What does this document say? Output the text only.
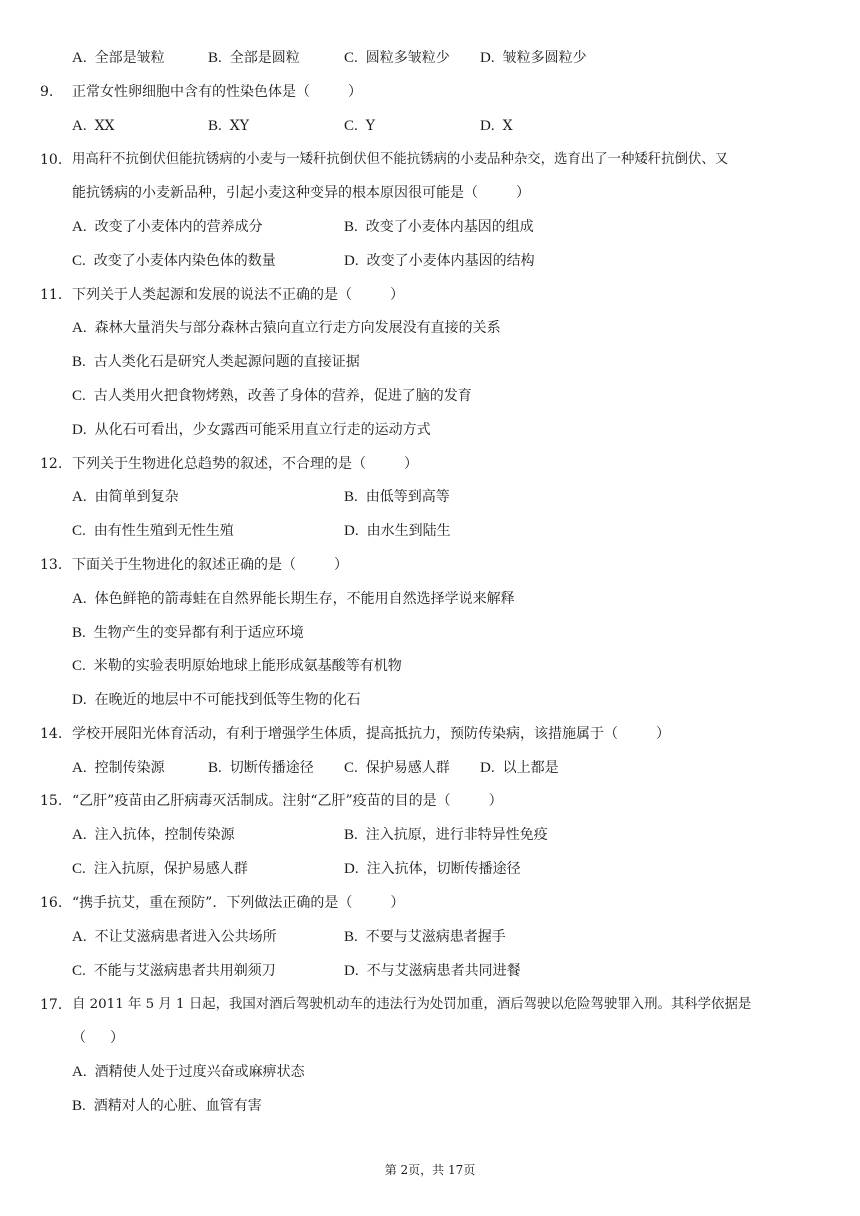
A. 全部是皱粒	B. 全部是圆粒	C. 圆粒多皱粒少 D. 皱粒多圆粒少
9.	正常女性卵细胞中含有的性染色体是（	）
A. XX	B. XY	C. Y	D. X
10. 用高秆不抗倒伏但能抗锈病的小麦与一矮秆抗倒伏但不能抗锈病的小麦品种杂交，选育出了一种矮秆抗倒伏、又
能抗锈病的小麦新品种，引起小麦这种变异的根本原因很可能是（	）
A. 改变了小麦体内的营养成分	B. 改变了小麦体内基因的组成
C. 改变了小麦体内染色体的数量	D. 改变了小麦体内基因的结构
11. 下列关于人类起源和发展的说法不正确的是（	）
A. 森林大量消失与部分森林古猿向直立行走方向发展没有直接的关系
B. 古人类化石是研究人类起源问题的直接证据
C. 古人类用火把食物烤熟，改善了身体的营养，促进了脑的发育
D. 从化石可看出，少女露西可能采用直立行走的运动方式
12. 下列关于生物进化总趋势的叙述，不合理的是（	）
A. 由简单到复杂	B. 由低等到高等
C. 由有性生殖到无性生殖	D. 由水生到陆生
13. 下面关于生物进化的叙述正确的是（	）
A. 体色鲜艳的箭毒蛙在自然界能长期生存，不能用自然选择学说来解释
B. 生物产生的变异都有利于适应环境
C. 米勒的实验表明原始地球上能形成氨基酸等有机物
D. 在晚近的地层中不可能找到低等生物的化石
14. 学校开展阳光体育活动，有利于增强学生体质，提高抵抗力，预防传染病，该措施属于（	）
A. 控制传染源	B. 切断传播途径 C. 保护易感人群 D. 以上都是
15. “乙肝”疫苗由乙肝病毒灭活制成。注射“乙肝”疫苗的目的是（	）
A. 注入抗体，控制传染源	B. 注入抗原，进行非特异性免疫
C. 注入抗原，保护易感人群	D. 注入抗体，切断传播途径
16. “携手抗艾，重在预防”．下列做法正确的是（	）
A. 不让艾滋病患者进入公共场所	B. 不要与艾滋病患者握手
C. 不能与艾滋病患者共用剃须刀	D. 不与艾滋病患者共同进餐
17. 自 2011 年 5 月 1 日起，我国对酒后驾驶机动车的违法行为处罚加重，酒后驾驶以危险驾驶罪入刑。其科学依据是
（ ）
A. 酒精使人处于过度兴奋或麻痹状态
B. 酒精对人的心脏、血管有害
第 2页，共 17页
